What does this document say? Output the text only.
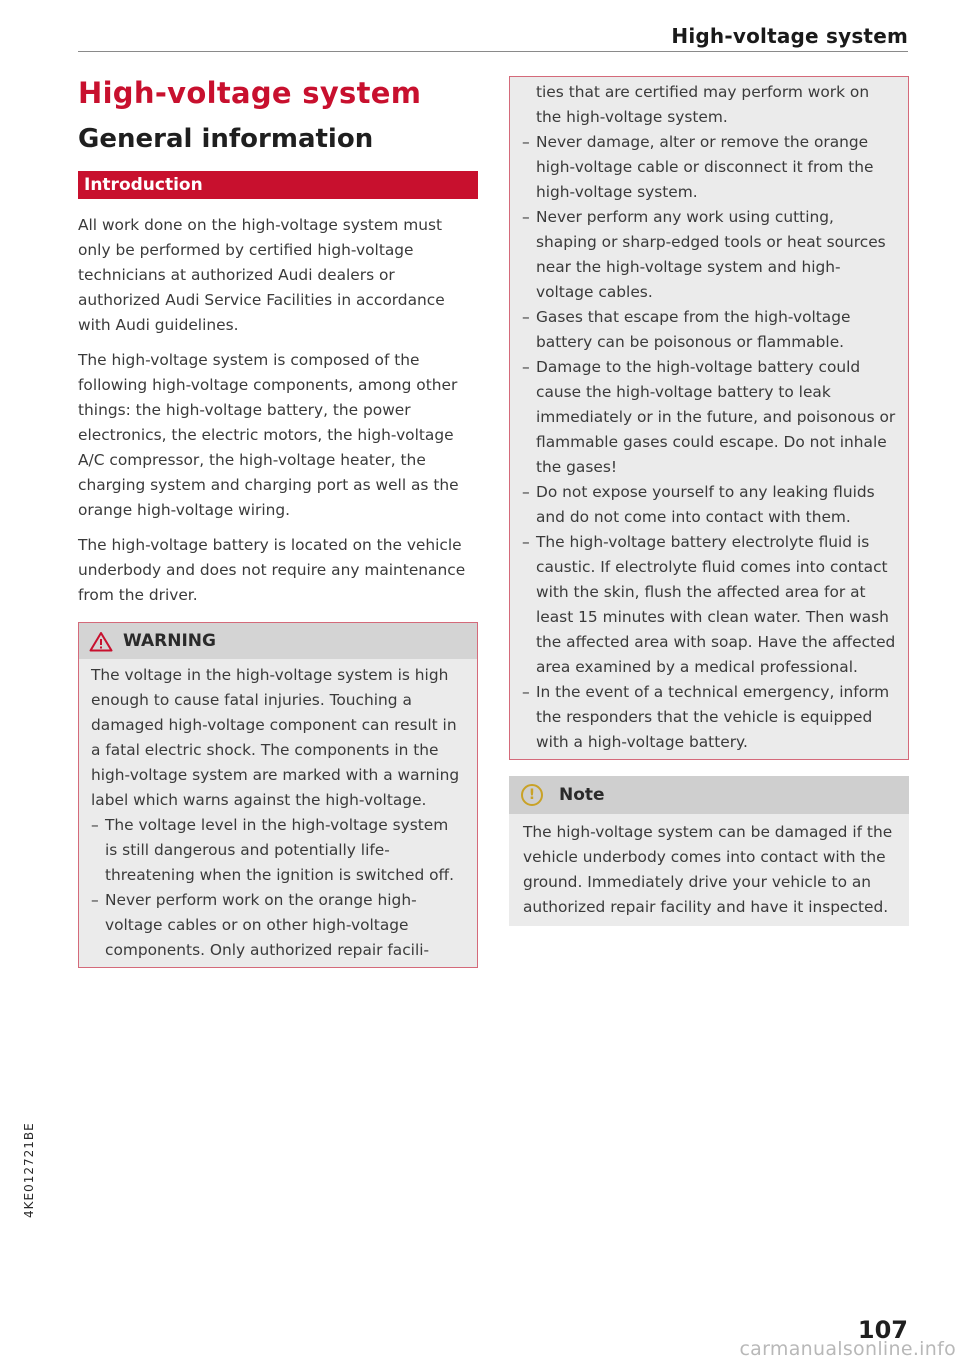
High-voltage system
High-voltage system
General information
Introduction

All work done on the high-voltage system must only be performed by certified high-voltage technicians at authorized Audi dealers or authorized Audi Service Facilities in accordance with Audi guidelines.

The high-voltage system is composed of the following high-voltage components, among other things: the high-voltage battery, the power electronics, the electric motors, the high-voltage A/C compressor, the high-voltage heater, the charging system and charging port as well as the orange high-voltage wiring.

The high-voltage battery is located on the vehicle underbody and does not require any maintenance from the driver.

WARNING

The voltage in the high-voltage system is high enough to cause fatal injuries. Touching a damaged high-voltage component can result in a fatal electric shock. The components in the high-voltage system are marked with a warning label which warns against the high-voltage.

– The voltage level in the high-voltage system is still dangerous and potentially life-threatening when the ignition is switched off.
– Never perform work on the orange high-voltage cables or on other high-voltage components. Only authorized repair facili-
ties that are certified may perform work on the high-voltage system.
– Never damage, alter or remove the orange high-voltage cable or disconnect it from the high-voltage system.
– Never perform any work using cutting, shaping or sharp-edged tools or heat sources near the high-voltage system and high-voltage cables.
– Gases that escape from the high-voltage battery can be poisonous or flammable.
– Damage to the high-voltage battery could cause the high-voltage battery to leak immediately or in the future, and poisonous or flammable gases could escape. Do not inhale the gases!
– Do not expose yourself to any leaking fluids and do not come into contact with them.
– The high-voltage battery electrolyte fluid is caustic. If electrolyte fluid comes into contact with the skin, flush the affected area for at least 15 minutes with clean water. Then wash the affected area with soap. Have the affected area examined by a medical professional.
– In the event of a technical emergency, inform the responders that the vehicle is equipped with a high-voltage battery.
!	Note

The high-voltage system can be damaged if the vehicle underbody comes into contact with the ground. Immediately drive your vehicle to an authorized repair facility and have it inspected.

4KE012721BE
107
carmanualsonline.info
